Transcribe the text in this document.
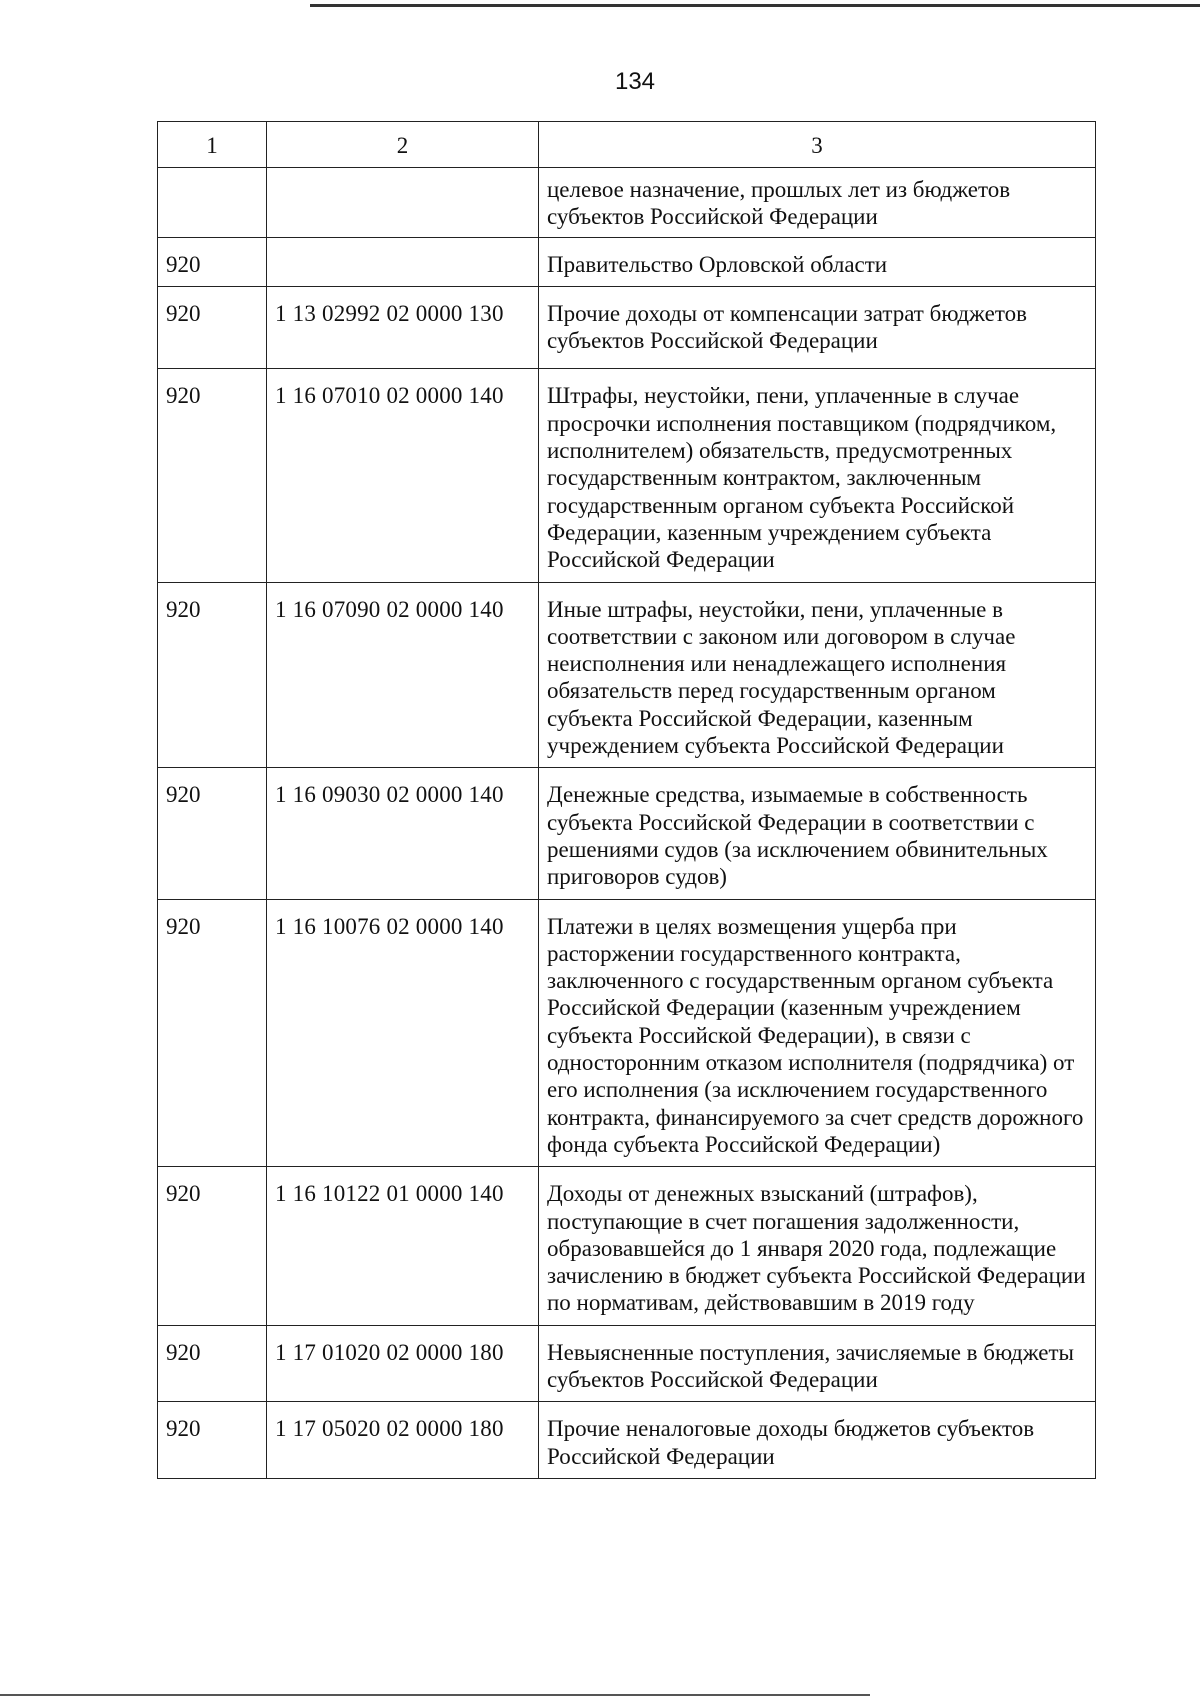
134
1	2	3
		целевое назначение, прошлых лет из бюджетов субъектов Российской Федерации
920		Правительство Орловской области
920	1 13 02992 02 0000 130	Прочие доходы от компенсации затрат бюджетов субъектов Российской Федерации
920	1 16 07010 02 0000 140	Штрафы, неустойки, пени, уплаченные в случае просрочки исполнения поставщиком (подрядчиком, исполнителем) обязательств, предусмотренных государственным контрактом, заключенным государственным органом субъекта Российской Федерации, казенным учреждением субъекта Российской Федерации
920	1 16 07090 02 0000 140	Иные штрафы, неустойки, пени, уплаченные в соответствии с законом или договором в случае неисполнения или ненадлежащего исполнения обязательств перед государственным органом субъекта Российской Федерации, казенным учреждением субъекта Российской Федерации
920	1 16 09030 02 0000 140	Денежные средства, изымаемые в собственность субъекта Российской Федерации в соответствии с решениями судов (за исключением обвинительных приговоров судов)
920	1 16 10076 02 0000 140	Платежи в целях возмещения ущерба при расторжении государственного контракта, заключенного с государственным органом субъекта Российской Федерации (казенным учреждением субъекта Российской Федерации), в связи с односторонним отказом исполнителя (подрядчика) от его исполнения (за исключением государственного контракта, финансируемого за счет средств дорожного фонда субъекта Российской Федерации)
920	1 16 10122 01 0000 140	Доходы от денежных взысканий (штрафов), поступающие в счет погашения задолженности, образовавшейся до 1 января 2020 года, подлежащие зачислению в бюджет субъекта Российской Федерации по нормативам, действовавшим в 2019 году
920	1 17 01020 02 0000 180	Невыясненные поступления, зачисляемые в бюджеты субъектов Российской Федерации
920	1 17 05020 02 0000 180	Прочие неналоговые доходы бюджетов субъектов Российской Федерации
